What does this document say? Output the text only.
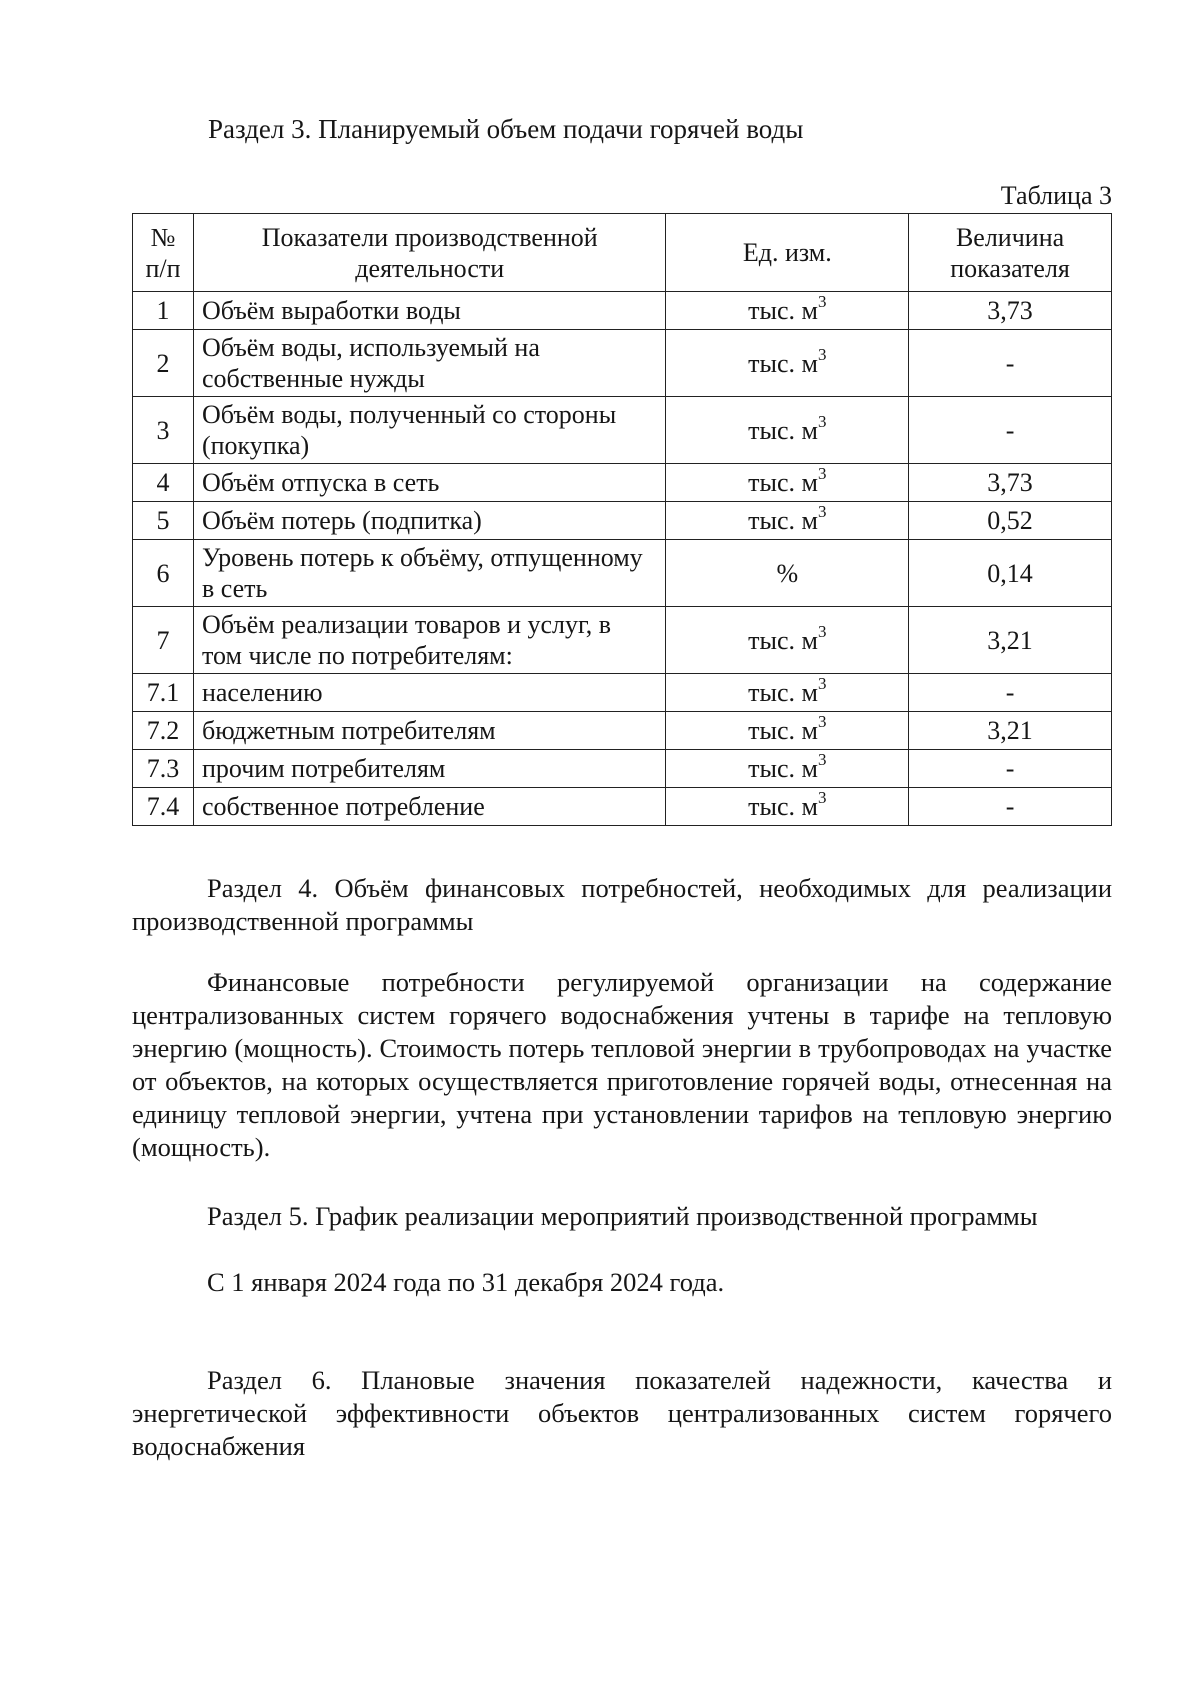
Раздел 3. Планируемый объем подачи горячей воды
Таблица 3
№ п/п	Показатели производственной деятельности	Ед. изм.	Величина показателя
1	Объём выработки воды	тыс. $м^3$	3,73
2	Объём воды, используемый на собственные нужды	тыс. $м^3$	-
3	Объём воды, полученный со стороны (покупка)	тыс. $м^3$	-
4	Объём отпуска в сеть	тыс. $м^3$	3,73
5	Объём потерь (подпитка)	тыс. $м^3$	0,52
6	Уровень потерь к объёму, отпущенному в сеть	%	0,14
7	Объём реализации товаров и услуг, в том числе по потребителям:	тыс. $м^3$	3,21
7.1	населению	тыс. $м^3$	-
7.2	бюджетным потребителям	тыс. $м^3$	3,21
7.3	прочим потребителям	тыс. $м^3$	-
7.4	собственное потребление	тыс. $м^3$	-
Раздел 4. Объём финансовых потребностей, необходимых для реализации производственной программы
Финансовые потребности регулируемой организации на содержание централизованных систем горячего водоснабжения учтены в тарифе на тепловую энергию (мощность). Стоимость потерь тепловой энергии в трубопроводах на участке от объектов, на которых осуществляется приготовление горячей воды, отнесенная на единицу тепловой энергии, учтена при установлении тарифов на тепловую энергию (мощность).
Раздел 5. График реализации мероприятий производственной программы
С 1 января 2024 года по 31 декабря 2024 года.
Раздел 6. Плановые значения показателей надежности, качества и энергетической эффективности объектов централизованных систем горячего водоснабжения
